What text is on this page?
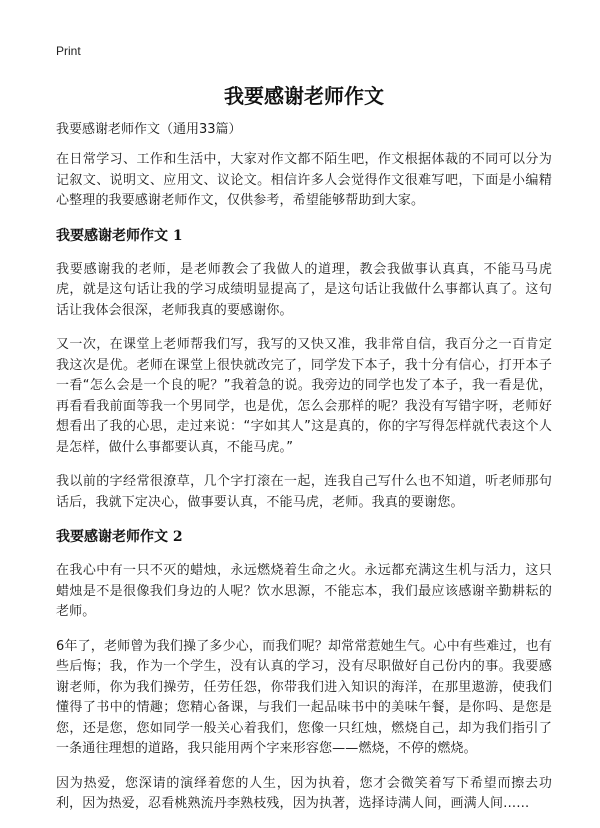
Print
我要感谢老师作文
我要感谢老师作文（通用33篇）

在日常学习、工作和生活中，大家对作文都不陌生吧，作文根据体裁的不同可以分为记叙文、说明文、应用文、议论文。相信许多人会觉得作文很难写吧，下面是小编精心整理的我要感谢老师作文，仅供参考，希望能够帮助到大家。

我要感谢老师作文 1

我要感谢我的老师，是老师教会了我做人的道理，教会我做事认真真，不能马马虎虎，就是这句话让我的学习成绩明显提高了，是这句话让我做什么事都认真了。这句话让我体会很深，老师我真的要感谢你。

又一次，在课堂上老师帮我们写，我写的又快又准，我非常自信，我百分之一百肯定我这次是优。老师在课堂上很快就改完了，同学发下本子，我十分有信心，打开本子一看“怎么会是一个良的呢？”我着急的说。我旁边的同学也发了本子，我一看是优，再看看我前面等我一个男同学，也是优，怎么会那样的呢？我没有写错字呀，老师好想看出了我的心思，走过来说：“字如其人”这是真的，你的字写得怎样就代表这个人是怎样，做什么事都要认真，不能马虎。”

我以前的字经常很潦草，几个字打滚在一起，连我自己写什么也不知道，听老师那句话后，我就下定决心，做事要认真，不能马虎，老师。我真的要谢您。

我要感谢老师作文 2

在我心中有一只不灭的蜡烛，永远燃烧着生命之火。永远都充满这生机与活力，这只蜡烛是不是很像我们身边的人呢？饮水思源，不能忘本，我们最应该感谢辛勤耕耘的老师。

6年了，老师曾为我们操了多少心，而我们呢？却常常惹她生气。心中有些难过，也有些后悔；我，作为一个学生，没有认真的学习，没有尽职做好自己份内的事。我要感谢老师，你为我们操劳，任劳任怨，你带我们进入知识的海洋，在那里遨游，使我们懂得了书中的情趣；您精心备课，与我们一起品味书中的美味午餐，是你吗、是您是您，还是您，您如同学一般关心着我们，您像一只红烛，燃烧自己，却为我们指引了一条通往理想的道路，我只能用两个字来形容您——燃烧，不停的燃烧。

因为热爱，您深请的演绎着您的人生，因为执着，您才会微笑着写下希望而擦去功利，因为热爱，忍看桃熟流丹李熟枝残，因为执著，选择诗满人间，画满人间……
